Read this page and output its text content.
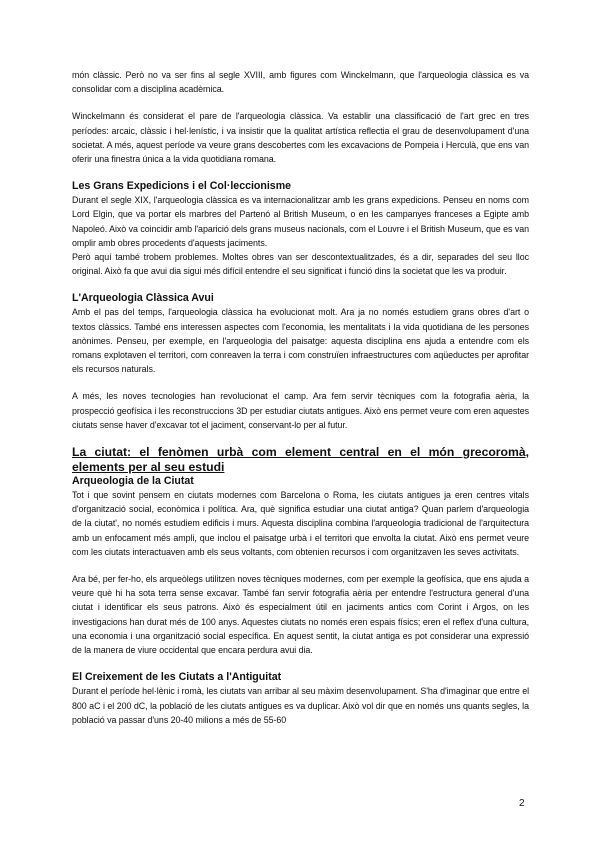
món clàssic. Però no va ser fins al segle XVIII, amb figures com Winckelmann, que l'arqueologia clàssica es va consolidar com a disciplina acadèmica.

Winckelmann és considerat el pare de l'arqueologia clàssica. Va establir una classificació de l'art grec en tres períodes: arcaic, clàssic i hel·lenístic, i va insistir que la qualitat artística reflectia el grau de desenvolupament d'una societat. A més, aquest període va veure grans descobertes com les excavacions de Pompeia i Herculà, que ens van oferir una finestra única a la vida quotidiana romana.

Les Grans Expedicions i el Col·leccionisme

Durant el segle XIX, l'arqueologia clàssica es va internacionalitzar amb les grans expedicions. Penseu en noms com Lord Elgin, que va portar els marbres del Partenó al British Museum, o en les campanyes franceses a Egipte amb Napoleó. Això va coincidir amb l'aparició dels grans museus nacionals, com el Louvre i el British Museum, que es van omplir amb obres procedents d'aquests jaciments.

Però aquí també trobem problemes. Moltes obres van ser descontextualitzades, és a dir, separades del seu lloc original. Això fa que avui dia sigui més difícil entendre el seu significat i funció dins la societat que les va produir.

L'Arqueologia Clàssica Avui

Amb el pas del temps, l'arqueologia clàssica ha evolucionat molt. Ara ja no només estudiem grans obres d'art o textos clàssics. També ens interessen aspectes com l'economia, les mentalitats i la vida quotidiana de les persones anònimes. Penseu, per exemple, en l'arqueologia del paisatge: aquesta disciplina ens ajuda a entendre com els romans explotaven el territori, com conreaven la terra i com construïen infraestructures com aqüeductes per aprofitar els recursos naturals.

A més, les noves tecnologies han revolucionat el camp. Ara fem servir tècniques com la fotografia aèria, la prospecció geofísica i les reconstruccions 3D per estudiar ciutats antigues. Això ens permet veure com eren aquestes ciutats sense haver d'excavar tot el jaciment, conservant-lo per al futur.

La ciutat: el fenòmen urbà com element central en el món grecoromà, elements per al seu estudi
Arqueologia de la Ciutat

Tot i que sovint pensem en ciutats modernes com Barcelona o Roma, les ciutats antigues ja eren centres vitals d'organització social, econòmica i política. Ara, què significa estudiar una ciutat antiga? Quan parlem d'arqueologia de la ciutat', no només estudiem edificis i murs. Aquesta disciplina combina l'arqueologia tradicional de l'arquitectura amb un enfocament més ampli, que inclou el paisatge urbà i el territori que envolta la ciutat. Això ens permet veure com les ciutats interactuaven amb els seus voltants, com obtenien recursos i com organitzaven les seves activitats.

Ara bé, per fer-ho, els arqueòlegs utilitzen noves tècniques modernes, com per exemple la geofísica, que ens ajuda a veure què hi ha sota terra sense excavar. També fan servir fotografia aèria per entendre l'estructura general d'una ciutat i identificar els seus patrons. Això és especialment útil en jaciments antics com Corint i Argos, on les investigacions han durat més de 100 anys. Aquestes ciutats no només eren espais físics; eren el reflex d'una cultura, una economia i una organització social específica. En aquest sentit, la ciutat antiga es pot considerar una expressió de la manera de viure occidental que encara perdura avui dia.

El Creixement de les Ciutats a l'Antiguitat

Durant el període hel·lènic i romà, les ciutats van arribar al seu màxim desenvolupament. S'ha d'imaginar que entre el 800 aC i el 200 dC, la població de les ciutats antigues es va duplicar. Això vol dir que en només uns quants segles, la població va passar d'uns 20-40 milions a més de 55-60

2
